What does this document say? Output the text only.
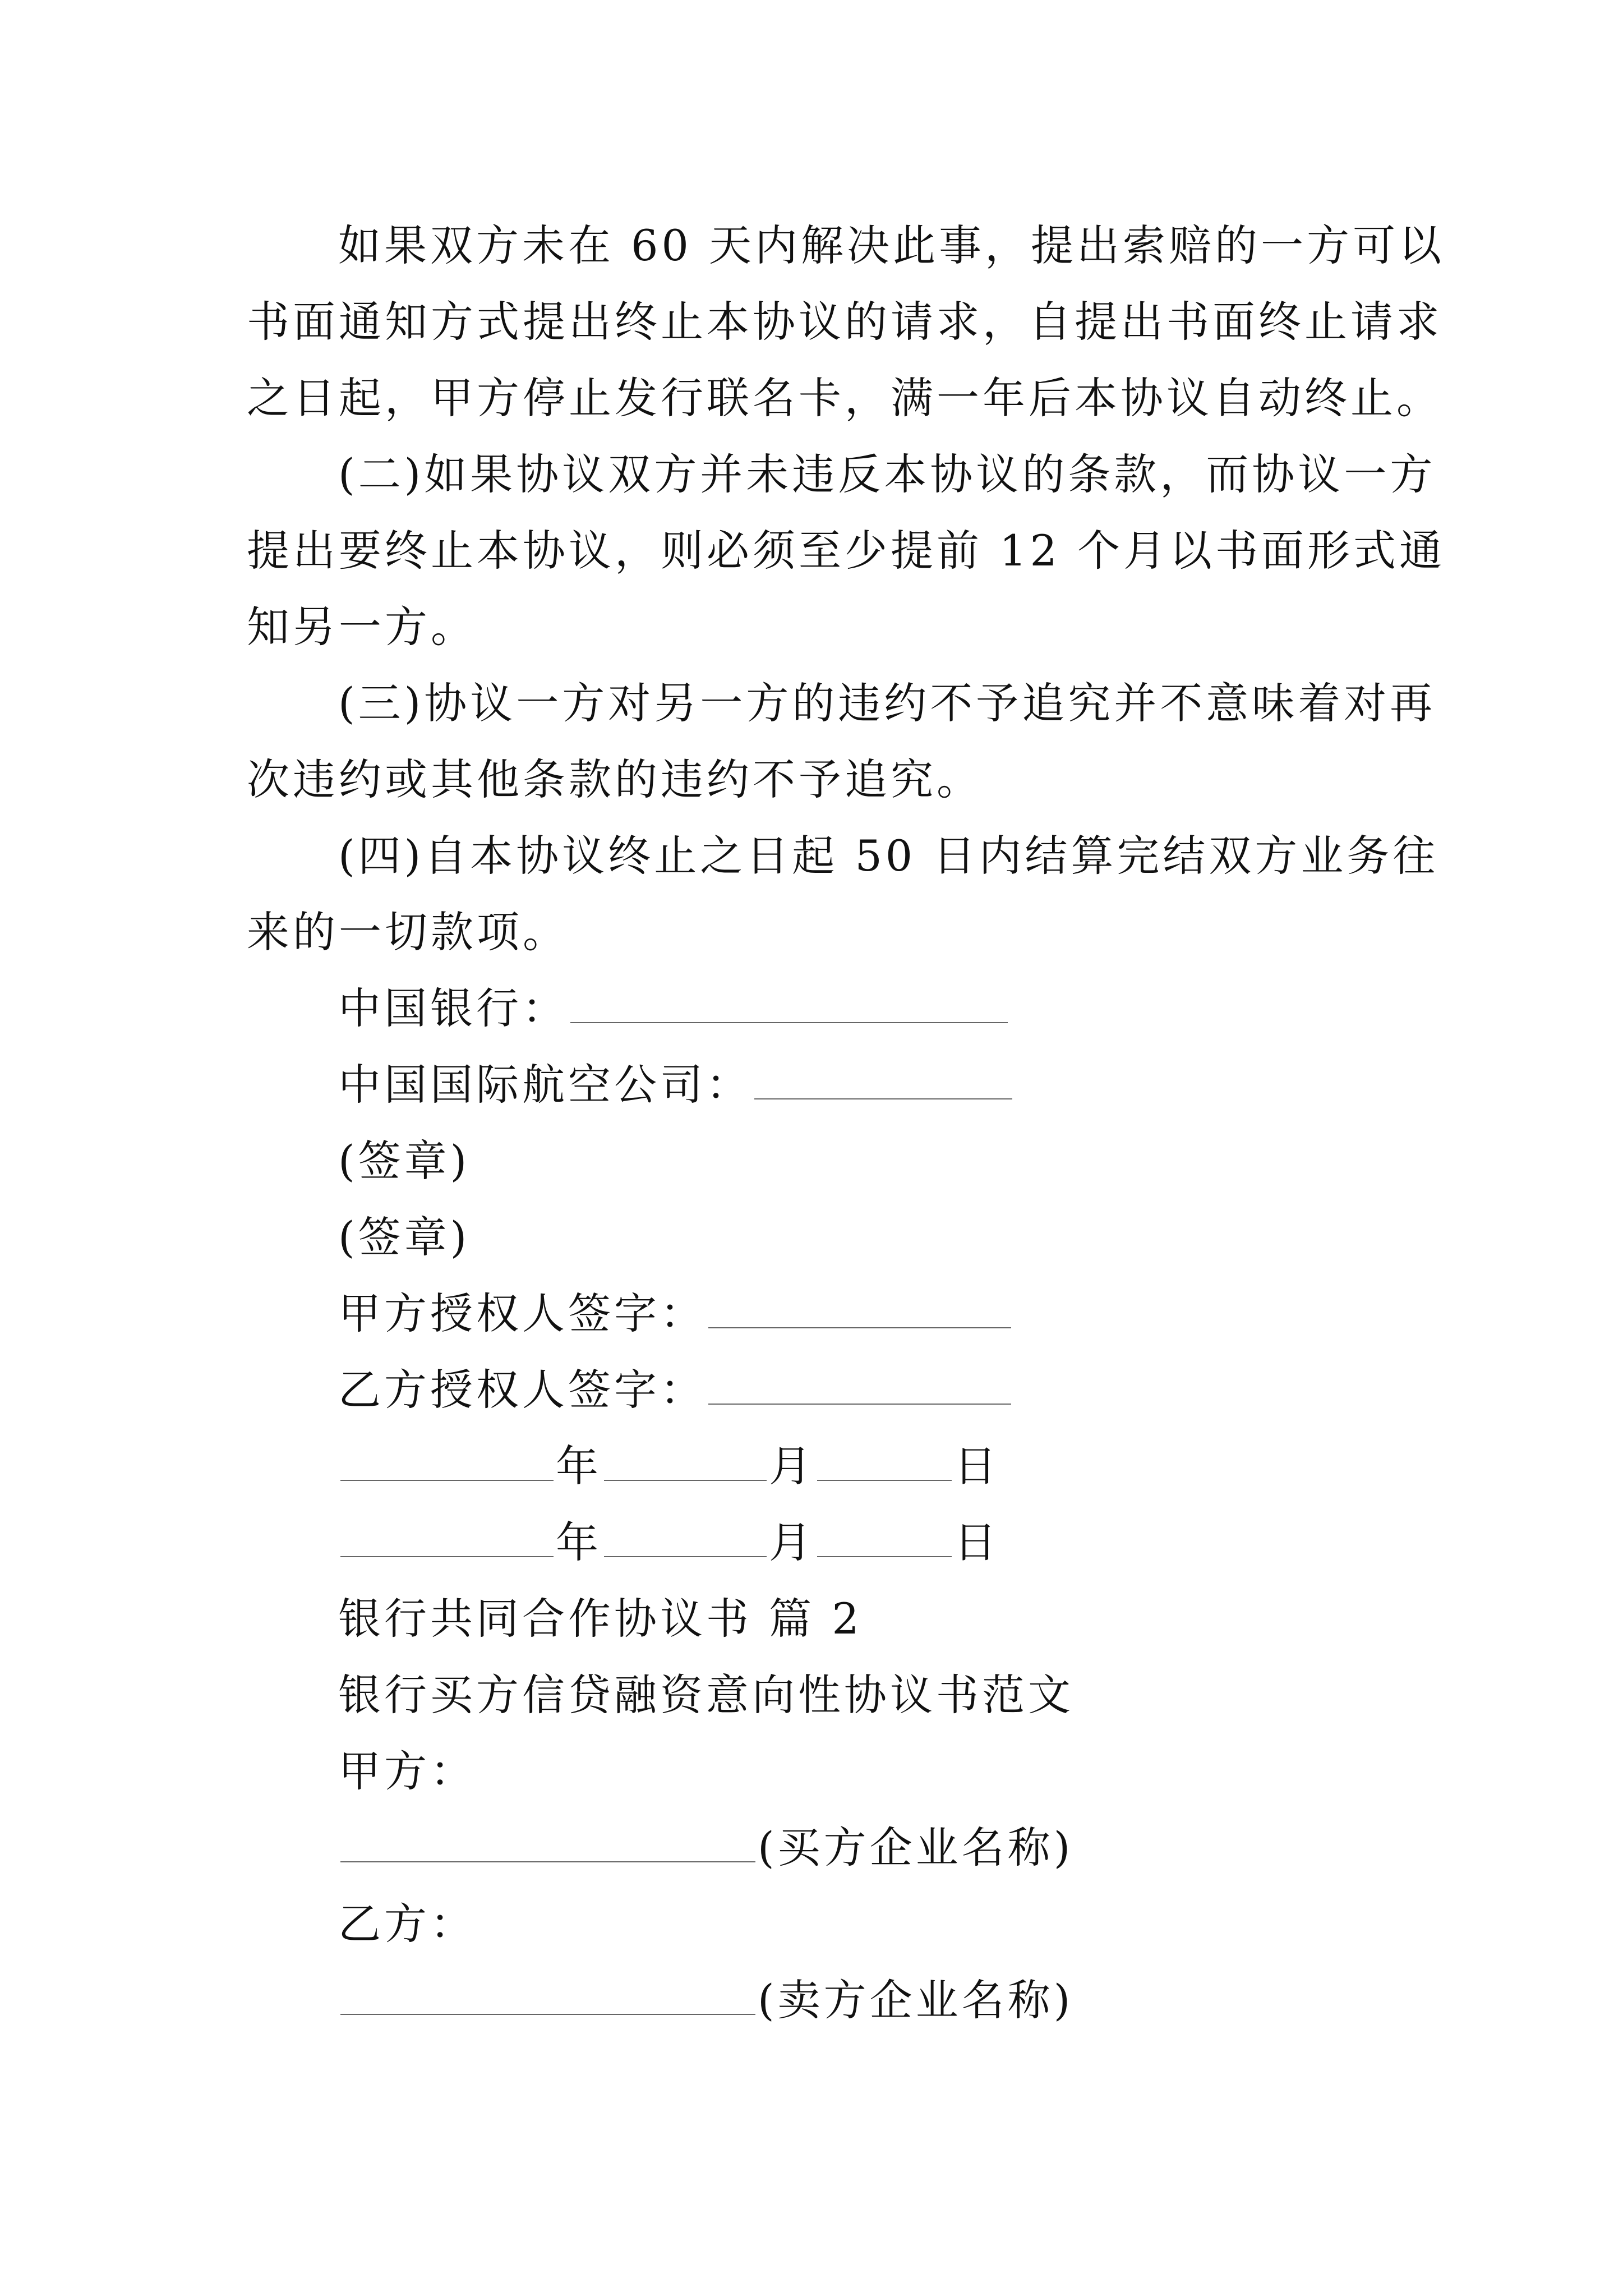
如果双方未在 60 天内解决此事，提出索赔的一方可以
书面通知方式提出终止本协议的请求，自提出书面终止请求
之日起，甲方停止发行联名卡，满一年后本协议自动终止。
(二)如果协议双方并未违反本协议的条款，而协议一方
提出要终止本协议，则必须至少提前 12 个月以书面形式通
知另一方。
(三)协议一方对另一方的违约不予追究并不意味着对再
次违约或其他条款的违约不予追究。
(四)自本协议终止之日起 50 日内结算完结双方业务往
来的一切款项。
中国银行：
中国国际航空公司：
(签章)
(签章)
甲方授权人签字：
乙方授权人签字：
年	月	日
年	月	日
银行共同合作协议书 篇 2
银行买方信贷融资意向性协议书范文
甲方：
(买方企业名称)
乙方：
(卖方企业名称)
